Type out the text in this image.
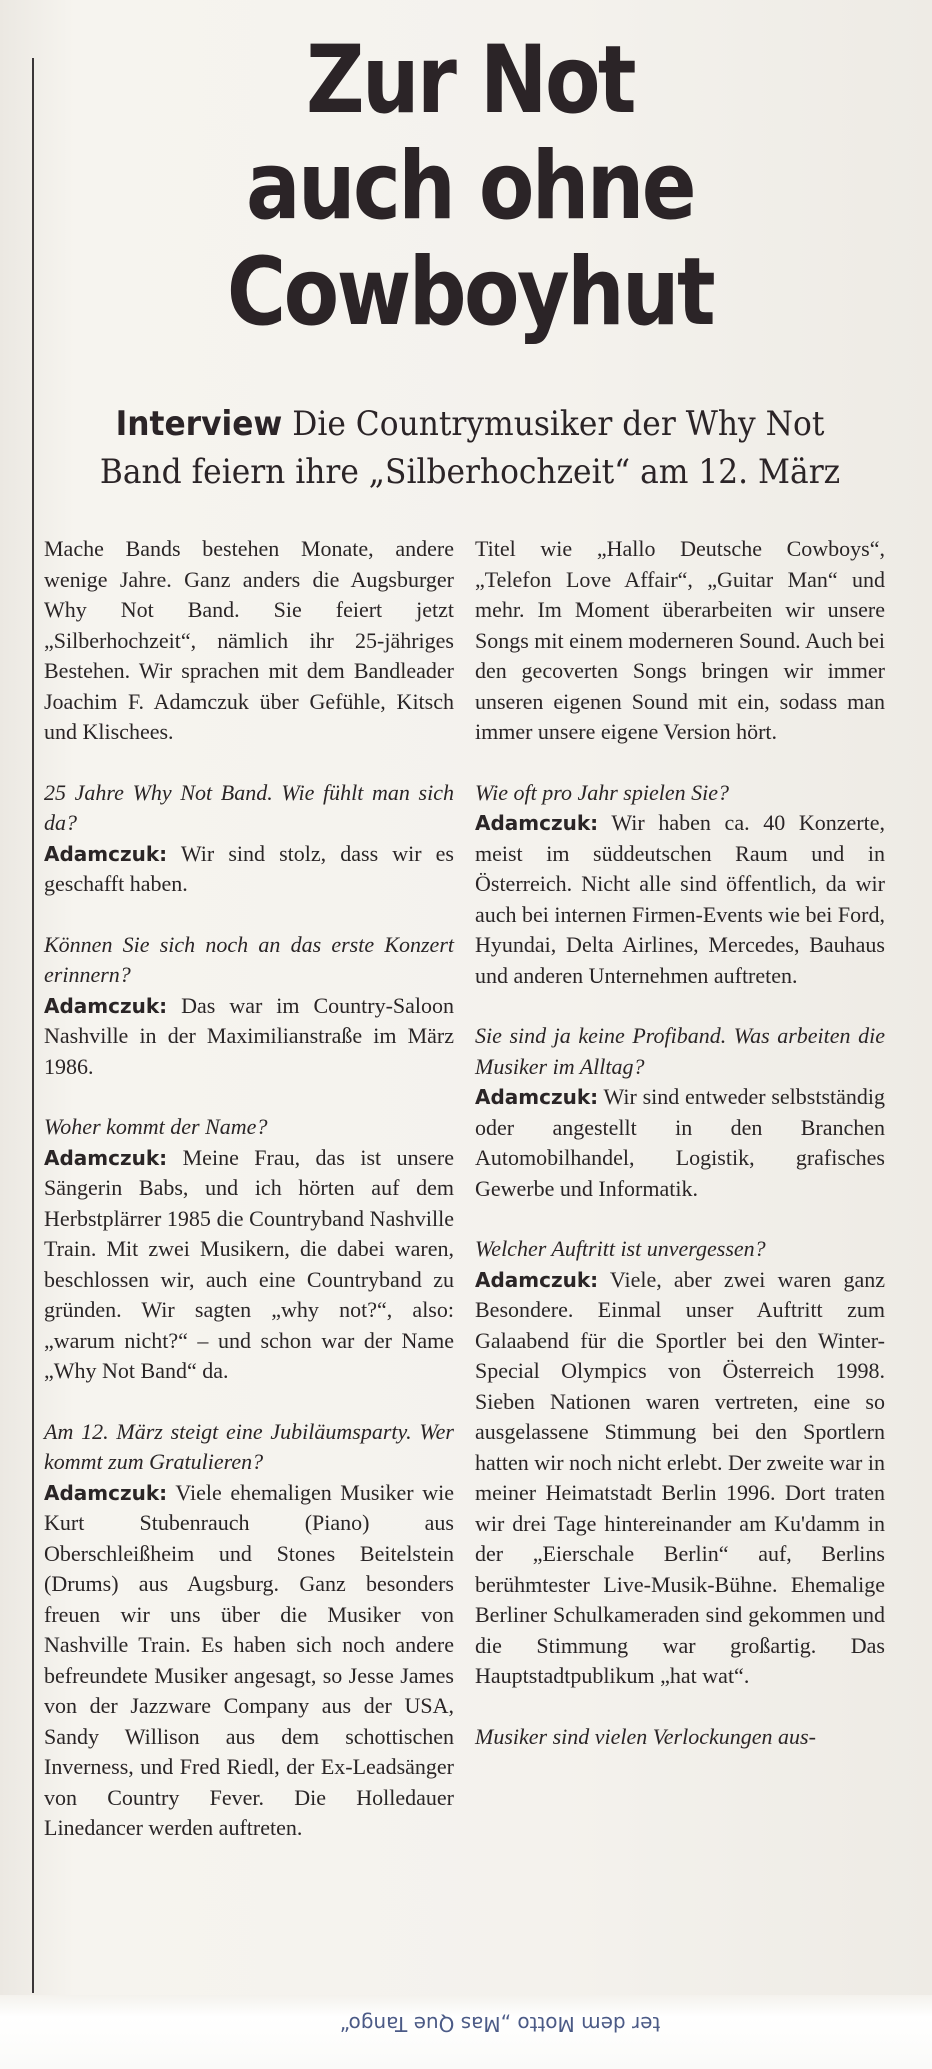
Zur Not
auch ohne
Cowboyhut
Interview Die Countrymusiker der Why Not Band feiern ihre „Silberhochzeit“ am 12. März

Mache Bands bestehen Monate, andere wenige Jahre. Ganz anders die Augsburger Why Not Band. Sie feiert jetzt „Silberhochzeit“, nämlich ihr 25-jähriges Bestehen. Wir sprachen mit dem Bandleader Joachim F. Adamczuk über Gefühle, Kitsch und Klischees.

25 Jahre Why Not Band. Wie fühlt man sich da?
Adamczuk: Wir sind stolz, dass wir es geschafft haben.

Können Sie sich noch an das erste Konzert erinnern?
Adamczuk: Das war im Country-Saloon Nashville in der Maximilianstraße im März 1986.

Woher kommt der Name?
Adamczuk: Meine Frau, das ist unsere Sängerin Babs, und ich hörten auf dem Herbstplärrer 1985 die Countryband Nashville Train. Mit zwei Musikern, die dabei waren, beschlossen wir, auch eine Countryband zu gründen. Wir sagten „why not?“, also: „warum nicht?“ – und schon war der Name „Why Not Band“ da.

Am 12. März steigt eine Jubiläumsparty. Wer kommt zum Gratulieren?
Adamczuk: Viele ehemaligen Musiker wie Kurt Stubenrauch (Piano) aus Oberschleißheim und Stones Beitelstein (Drums) aus Augsburg. Ganz besonders freuen wir uns über die Musiker von Nashville Train. Es haben sich noch andere befreundete Musiker angesagt, so Jesse James von der Jazzware Company aus der USA, Sandy Willison aus dem schottischen Inverness, und Fred Riedl, der Ex-Leadsänger von Country Fever. Die Holledauer Linedancer werden auftreten.

Titel wie „Hallo Deutsche Cowboys“, „Telefon Love Affair“, „Guitar Man“ und mehr. Im Moment überarbeiten wir unsere Songs mit einem moderneren Sound. Auch bei den gecoverten Songs bringen wir immer unseren eigenen Sound mit ein, sodass man immer unsere eigene Version hört.

Wie oft pro Jahr spielen Sie?
Adamczuk: Wir haben ca. 40 Konzerte, meist im süddeutschen Raum und in Österreich. Nicht alle sind öffentlich, da wir auch bei internen Firmen-Events wie bei Ford, Hyundai, Delta Airlines, Mercedes, Bauhaus und anderen Unternehmen auftreten.

Sie sind ja keine Profiband. Was arbeiten die Musiker im Alltag?
Adamczuk: Wir sind entweder selbstständig oder angestellt in den Branchen Automobilhandel, Logistik, grafisches Gewerbe und Informatik.

Welcher Auftritt ist unvergessen?
Adamczuk: Viele, aber zwei waren ganz Besondere. Einmal unser Auftritt zum Galaabend für die Sportler bei den Winter-Special Olympics von Österreich 1998. Sieben Nationen waren vertreten, eine so ausgelassene Stimmung bei den Sportlern hatten wir noch nicht erlebt. Der zweite war in meiner Heimatstadt Berlin 1996. Dort traten wir drei Tage hintereinander am Ku'damm in der „Eierschale Berlin“ auf, Berlins berühmtester Live-Musik-Bühne. Ehemalige Berliner Schulkameraden sind gekommen und die Stimmung war großartig. Das Hauptstadtpublikum „hat wat“.

Musiker sind vielen Verlockungen aus-

ter dem Motto „Mas Que Tango“
